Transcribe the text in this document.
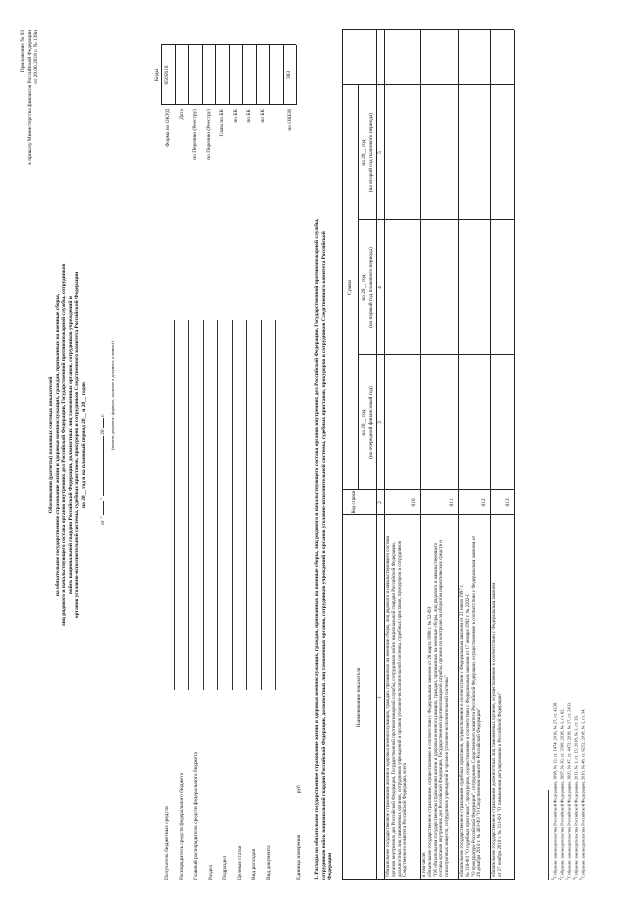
Приложение № 93 к приказу Министерства финансов Российской Федерации от 20.06.2018 г. № 139н
Обоснования (расчеты) плановых сметных показателей на обязательное государственное страхование жизни и здоровья военнослужащих, граждан, призванных на военные сборы, лиц рядового и начальствующего состава органов внутренних дел Российской Федерации, Государственной противопожарной службы, сотрудников войск национальной гвардии Российской Федерации, должностных лиц таможенных органов, сотрудников учреждений и органов уголовно-исполнительной системы, судебных приставов, прокуроров и сотрудников Следственного комитета Российской Федерации на 20__ год и на плановый период 20__ и 20__ годов
от "  "  20  г. (момент документ: формула, значение и документ, в момент)
Коды
Форма по ОКУД
0505610
Дата по Перечню (Реестру) по Перечню (Реестру) Глава по БК по БК по БК по БК	по ОКЕИ
383
Получатель бюджетных средств Распорядитель средств федерального бюджета Главный распорядитель средств федерального бюджета Раздел Подраздел Целевая статья Вид расходов Вид документа	Единица измерения руб 1. Расходы на обязательное государственное страхование жизни и здоровья военнослужащих, граждан, призванных на военные сборы, лиц рядового и начальствующего состава органов внутренних дел Российской Федерации, Государственной противопожарной службы, сотрудников войск национальной гвардии Российской Федерации, должностных лиц таможенных органов, сотрудников учреждений и органов уголовно-исполнительной системы, судебных приставов, прокуроров и сотрудников Следственного комитета Российской Федерации
Наименование показателя
Код строки
Сумма
на 20__ год (на очередной финансовый год)
на 20__ год (на первый год планового периода)
на 20__ год (на второй год планового периода)
1
2
3
4
5
Обязательное государственное страхование жизни и здоровья военнослужащих, граждан, призванных на военные сборы, лиц рядового и начальствующего состава органов внутренних дел Российской Федерации, Государственной противопожарной службы, сотрудников войск национальной гвардии Российской Федерации, должностных лиц таможенных органов, сотрудников учреждений и органов уголовно-исполнительной системы, судебных приставов, прокуроров и сотрудников Следственного комитета Российской Федерации, всего
010
в том числе: обязательное государственное страхование, осуществляемое в соответствии с Федеральным законом от 28 марта 1998 г. № 52-ФЗ "Об обязательном государственном страховании жизни и здоровья военнослужащих, граждан, призванных на военные сборы, лиц рядового и начальствующего состава органов внутренних дел Российской Федерации, Государственной противопожарной службы, органов по контролю за оборотом наркотических средств и психотропных веществ, сотрудников учреждений и органов уголовно-исполнительной системы"
011
обязательное государственное страхование судебных приставов, осуществляемое в соответствии с Федеральным законом от 21 июля 1997 г. № 118-ФЗ "О судебных приставах", прокуроров, осуществляемое в соответствии с Федеральным законом от 17 января 1992 г. № 2202-I "О прокуратуре Российской Федерации", сотрудников Следственного комитета Российской Федерации, осуществляемое в соответствии с Федеральным законом от 28 декабря 2010 г. № 403-ФЗ "О Следственном комитете Российской Федерации"
012
обязательное государственное страхование должностных лиц таможенных органов, осуществляемое в соответствии с Федеральным законом от 27 ноября 2010 г. № 311-ФЗ "О таможенном регулировании в Российской Федерации"
013
$^1$Собрание законодательства Российской Федерации, 1998, № 13, ст. 1474; 2016, № 27, ст. 4238.
$^2$Собрание законодательства Российской Федерации, 1997, № 30, ст. 3590; 2018, № 1, ст. 62.
$^3$Собрание законодательства Российской Федерации, 1995, № 47, ст. 4472; 2018, № 17, ст. 2433.
$^4$Собрание законодательства Российской Федерации, 2011, № 1, ст. 15; 2018, № 1, ст. 26.
$^5$Собрание законодательства Российской Федерации, 2010, № 48, ст. 6252; 2018, № 1, ст. 34.
